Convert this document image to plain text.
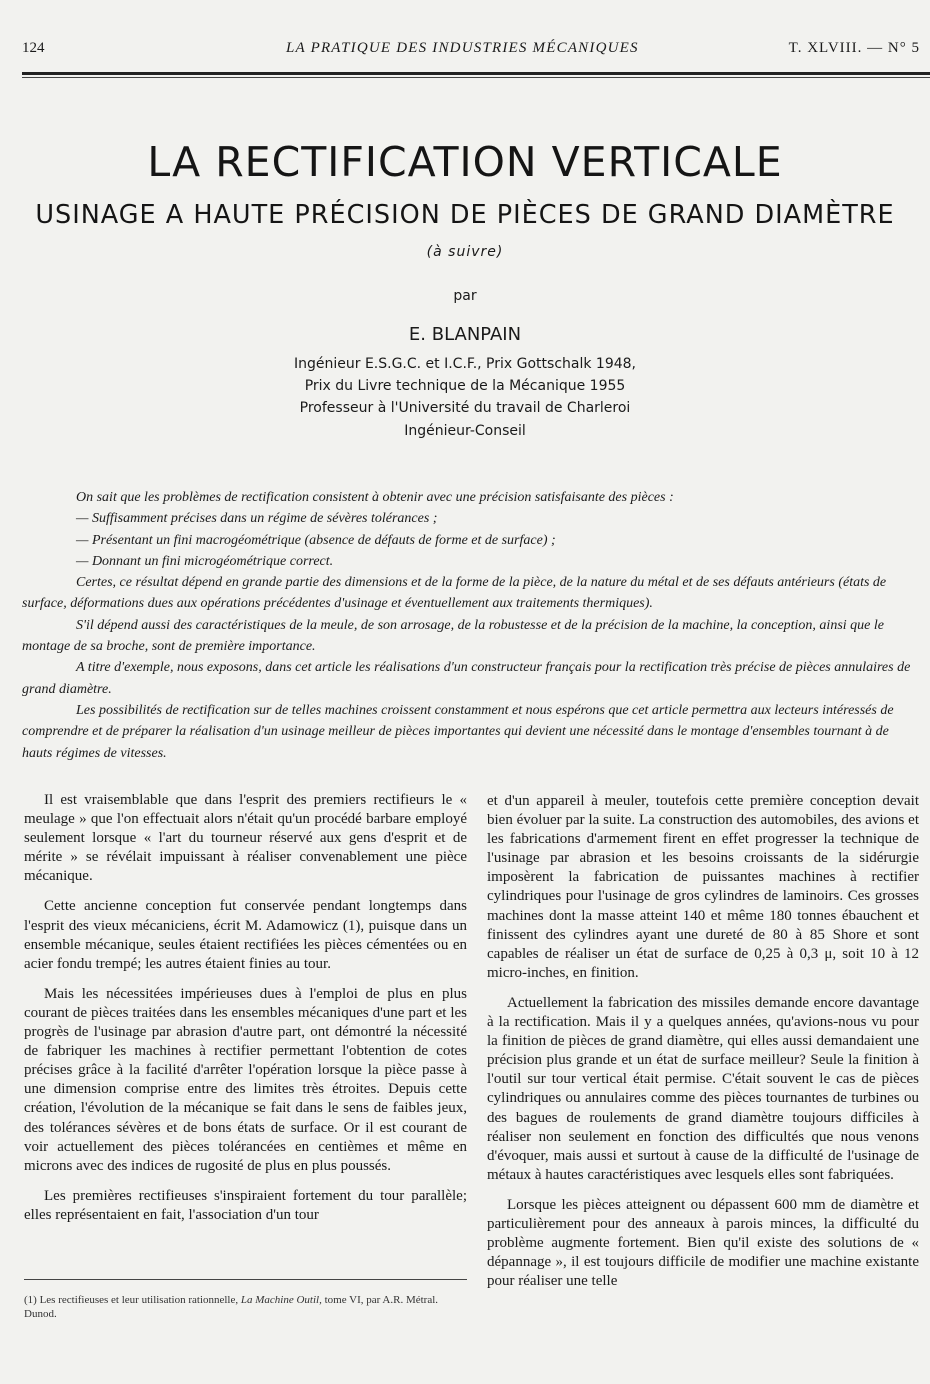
124	LA PRATIQUE DES INDUSTRIES MÉCANIQUES	T. XLVIII. — N° 5
LA RECTIFICATION VERTICALE
USINAGE A HAUTE PRÉCISION DE PIÈCES DE GRAND DIAMÈTRE
(à suivre)
par
E. BLANPAIN
Ingénieur E.S.G.C. et I.C.F., Prix Gottschalk 1948,
Prix du Livre technique de la Mécanique 1955
Professeur à l'Université du travail de Charleroi
Ingénieur-Conseil

On sait que les problèmes de rectification consistent à obtenir avec une précision satisfaisante des pièces :

— Suffisamment précises dans un régime de sévères tolérances ;

— Présentant un fini macrogéométrique (absence de défauts de forme et de surface) ;

— Donnant un fini microgéométrique correct.

Certes, ce résultat dépend en grande partie des dimensions et de la forme de la pièce, de la nature du métal et de ses défauts antérieurs (états de surface, déformations dues aux opérations précédentes d'usinage et éventuellement aux traitements thermiques).

S'il dépend aussi des caractéristiques de la meule, de son arrosage, de la robustesse et de la précision de la machine, la conception, ainsi que le montage de sa broche, sont de première importance.

A titre d'exemple, nous exposons, dans cet article les réalisations d'un constructeur français pour la rectification très précise de pièces annulaires de grand diamètre.

Les possibilités de rectification sur de telles machines croissent constamment et nous espérons que cet article permettra aux lecteurs intéressés de comprendre et de préparer la réalisation d'un usinage meilleur de pièces importantes qui devient une nécessité dans le montage d'ensembles tournant à de hauts régimes de vitesses.

Il est vraisemblable que dans l'esprit des premiers rectifieurs le « meulage » que l'on effectuait alors n'était qu'un procédé barbare employé seulement lorsque « l'art du tourneur réservé aux gens d'esprit et de mérite » se révélait impuissant à réaliser convenablement une pièce mécanique.

Cette ancienne conception fut conservée pendant longtemps dans l'esprit des vieux mécaniciens, écrit M. Adamowicz (1), puisque dans un ensemble mécanique, seules étaient rectifiées les pièces cémentées ou en acier fondu trempé; les autres étaient finies au tour.

Mais les nécessitées impérieuses dues à l'emploi de plus en plus courant de pièces traitées dans les ensembles mécaniques d'une part et les progrès de l'usinage par abrasion d'autre part, ont démontré la nécessité de fabriquer les machines à rectifier permettant l'obtention de cotes précises grâce à la facilité d'arrêter l'opération lorsque la pièce passe à une dimension comprise entre des limites très étroites. Depuis cette création, l'évolution de la mécanique se fait dans le sens de faibles jeux, des tolérances sévères et de bons états de surface. Or il est courant de voir actuellement des pièces tolérancées en centièmes et même en microns avec des indices de rugosité de plus en plus poussés.

Les premières rectifieuses s'inspiraient fortement du tour parallèle; elles représentaient en fait, l'association d'un tour

et d'un appareil à meuler, toutefois cette première conception devait bien évoluer par la suite. La construction des automobiles, des avions et les fabrications d'armement firent en effet progresser la technique de l'usinage par abrasion et les besoins croissants de la sidérurgie imposèrent la fabrication de puissantes machines à rectifier cylindriques pour l'usinage de gros cylindres de laminoirs. Ces grosses machines dont la masse atteint 140 et même 180 tonnes ébauchent et finissent des cylindres ayant une dureté de 80 à 85 Shore et sont capables de réaliser un état de surface de 0,25 à 0,3 μ, soit 10 à 12 micro-inches, en finition.

Actuellement la fabrication des missiles demande encore davantage à la rectification. Mais il y a quelques années, qu'avions-nous vu pour la finition de pièces de grand diamètre, qui elles aussi demandaient une précision plus grande et un état de surface meilleur? Seule la finition à l'outil sur tour vertical était permise. C'était souvent le cas de pièces cylindriques ou annulaires comme des pièces tournantes de turbines ou des bagues de roulements de grand diamètre toujours difficiles à réaliser non seulement en fonction des difficultés que nous venons d'évoquer, mais aussi et surtout à cause de la difficulté de l'usinage de métaux à hautes caractéristiques avec lesquels elles sont fabriquées.

Lorsque les pièces atteignent ou dépassent 600 mm de diamètre et particulièrement pour des anneaux à parois minces, la difficulté du problème augmente fortement. Bien qu'il existe des solutions de « dépannage », il est toujours difficile de modifier une machine existante pour réaliser une telle

(1) Les rectifieuses et leur utilisation rationnelle, La Machine Outil, tome VI, par A.R. Métral. Dunod.
